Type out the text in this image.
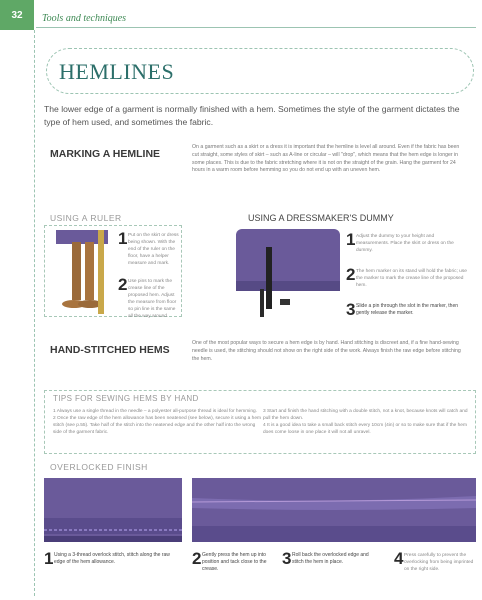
32	Tools and techniques
HEMLINES
The lower edge of a garment is normally finished with a hem. Sometimes the style of the garment dictates the type of hem used, and sometimes the fabric.
MARKING A HEMLINE
On a garment such as a skirt or a dress it is important that the hemline is level all around. Even if the fabric has been cut straight, some styles of skirt – such as A-line or circular – will "drop", which means that the hem edge is longer in some places. This is due to the fabric stretching where it is not on the straight of the grain. Hang the garment for 24 hours in a warm room before hemming so you do not end up with an uneven hem.
USING A RULER
1 Put on the skirt or dress being shown. With the end of the ruler on the floor, have a helper measure and mark.
2 Use pins to mark the crease line of the proposed hem. Adjust the measure from floor so pin line is the same all the way around.
USING A DRESSMAKER'S DUMMY
1 Adjust the dummy to your height and measurements. Place the skirt or dress on the dummy.
2 The hem marker on its stand will hold the fabric; use the marker to mark the crease line of the proposed hem.
3 Slide a pin through the slot in the marker, then gently release the marker.
HAND-STITCHED HEMS
One of the most popular ways to secure a hem edge is by hand. Hand stitching is discreet and, if a fine hand-sewing needle is used, the stitching should not show on the right side of the work. Always finish the raw edge before stitching the hem.
TIPS FOR SEWING HEMS BY HAND

1 Always use a single thread in the needle – a polyester all-purpose thread is ideal for hemming.

2 Once the raw edge of the hem allowance has been neatened (see below), secure it using a hem stitch (see p.55). Take half of the stitch into the neatened edge and the other half into the wrong side of the garment fabric.

3 Start and finish the hand stitching with a double stitch, not a knot, because knots will catch and pull the hem down.

4 It is a good idea to take a small back stitch every 10cm (4in) or so to make sure that if the hem does come loose in one place it will not all unravel.

OVERLOCKED FINISH
1 Using a 3-thread overlock stitch, stitch along the raw edge of the hem allowance.	2 Gently press the hem up into position and tack close to the crease.
3 Roll back the overlocked edge and stitch the hem in place.	4 Press carefully to prevent the overlocking from being imprinted on the right side.
